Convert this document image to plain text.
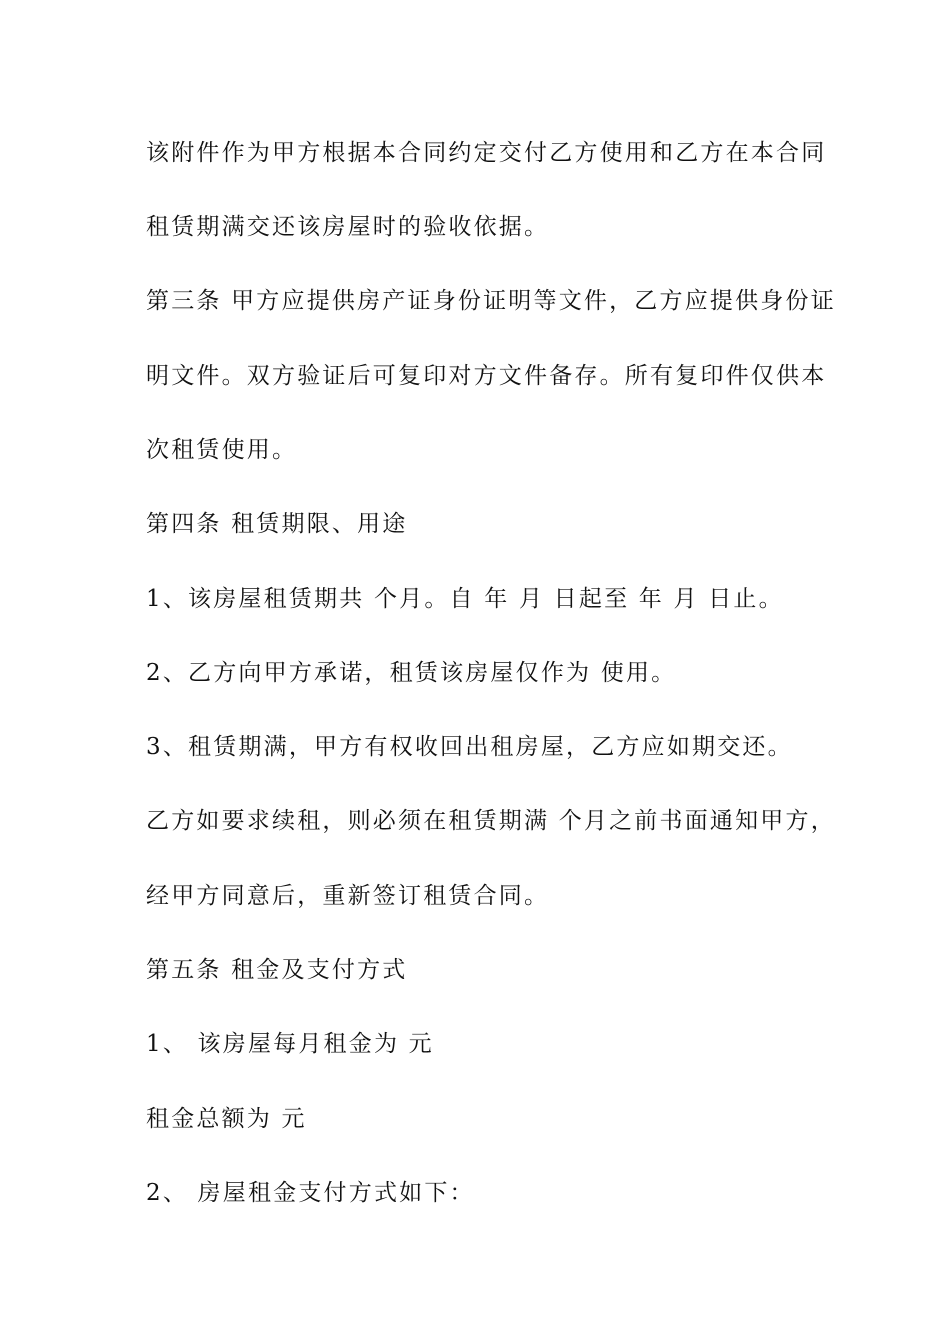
该附件作为甲方根据本合同约定交付乙方使用和乙方在本合同
租赁期满交还该房屋时的验收依据。
第三条 甲方应提供房产证身份证明等文件，乙方应提供身份证
明文件。双方验证后可复印对方文件备存。所有复印件仅供本
次租赁使用。
第四条 租赁期限、用途
1、该房屋租赁期共 个月。自 年 月 日起至 年 月 日止。
2、乙方向甲方承诺，租赁该房屋仅作为 使用。
3、租赁期满，甲方有权收回出租房屋，乙方应如期交还。
乙方如要求续租，则必须在租赁期满 个月之前书面通知甲方，
经甲方同意后，重新签订租赁合同。
第五条 租金及支付方式
1、 该房屋每月租金为 元
租金总额为 元
2、 房屋租金支付方式如下：
